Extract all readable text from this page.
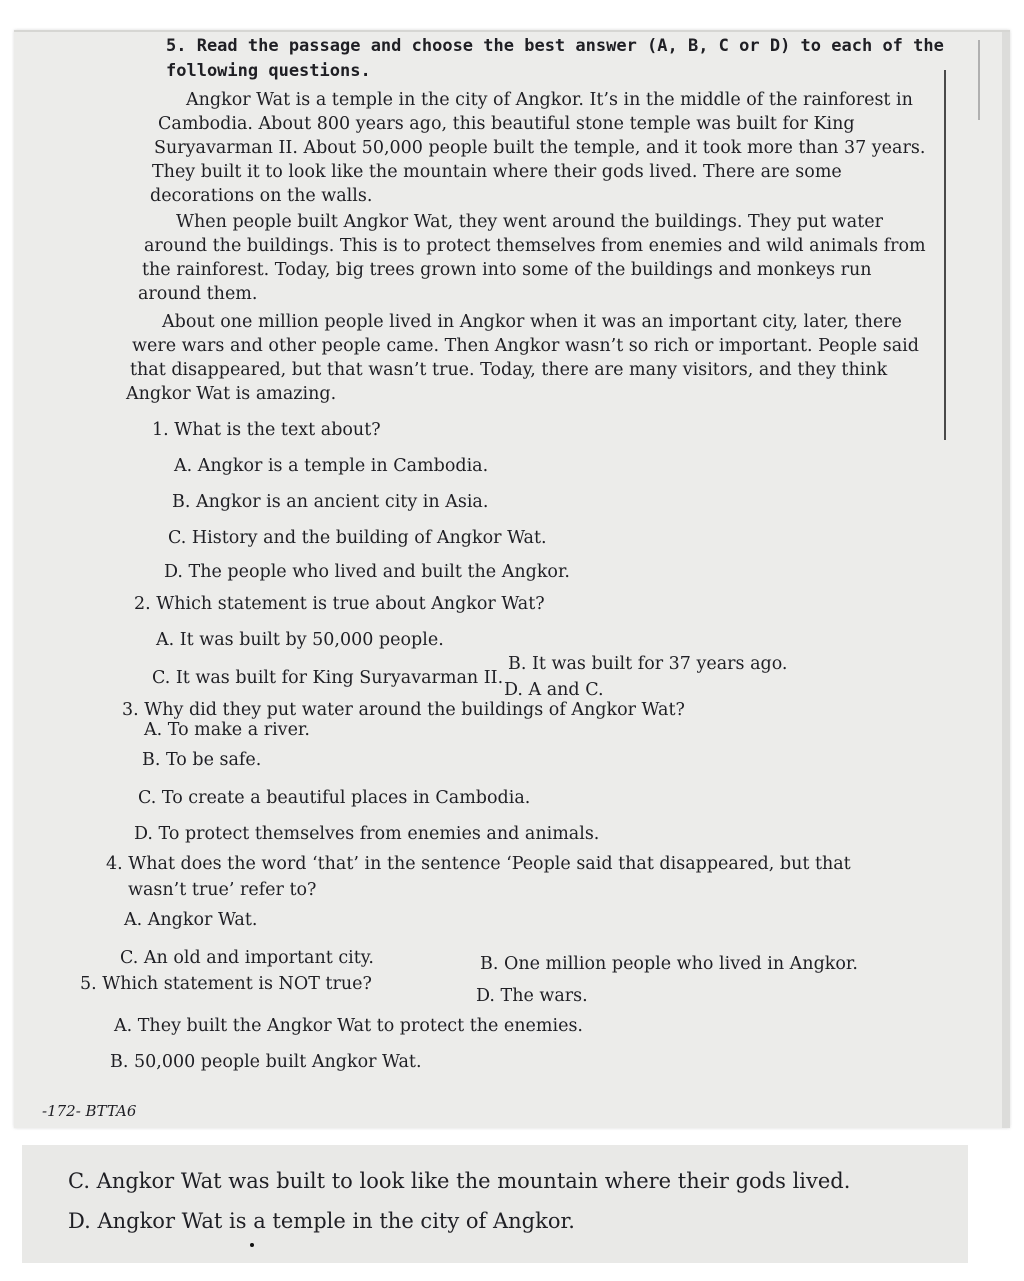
5. Read the passage and choose the best answer (A, B, C or D) to each of the

following questions.

Angkor Wat is a temple in the city of Angkor. It’s in the middle of the rainforest in

Cambodia. About 800 years ago, this beautiful stone temple was built for King

Suryavarman II. About 50,000 people built the temple, and it took more than 37 years.

They built it to look like the mountain where their gods lived. There are some

decorations on the walls.

When people built Angkor Wat, they went around the buildings. They put water

around the buildings. This is to protect themselves from enemies and wild animals from

the rainforest. Today, big trees grown into some of the buildings and monkeys run

around them.

About one million people lived in Angkor when it was an important city, later, there

were wars and other people came. Then Angkor wasn’t so rich or important. People said

that disappeared, but that wasn’t true. Today, there are many visitors, and they think

Angkor Wat is amazing.

1. What is the text about?

A. Angkor is a temple in Cambodia.

B. Angkor is an ancient city in Asia.

C. History and the building of Angkor Wat.

D. The people who lived and built the Angkor.

2. Which statement is true about Angkor Wat?

A. It was built by 50,000 people.

B. It was built for 37 years ago.

C. It was built for King Suryavarman II.

D. A and C.

3. Why did they put water around the buildings of Angkor Wat?

A. To make a river.

B. To be safe.

C. To create a beautiful places in Cambodia.

D. To protect themselves from enemies and animals.

4. What does the word ‘that’ in the sentence ‘People said that disappeared, but that

wasn’t true’ refer to?

A. Angkor Wat.

B. One million people who lived in Angkor.

C. An old and important city.

D. The wars.

5. Which statement is NOT true?

A. They built the Angkor Wat to protect the enemies.

B. 50,000 people built Angkor Wat.

-172- BTTA6

C. Angkor Wat was built to look like the mountain where their gods lived.

D. Angkor Wat is a temple in the city of Angkor.
